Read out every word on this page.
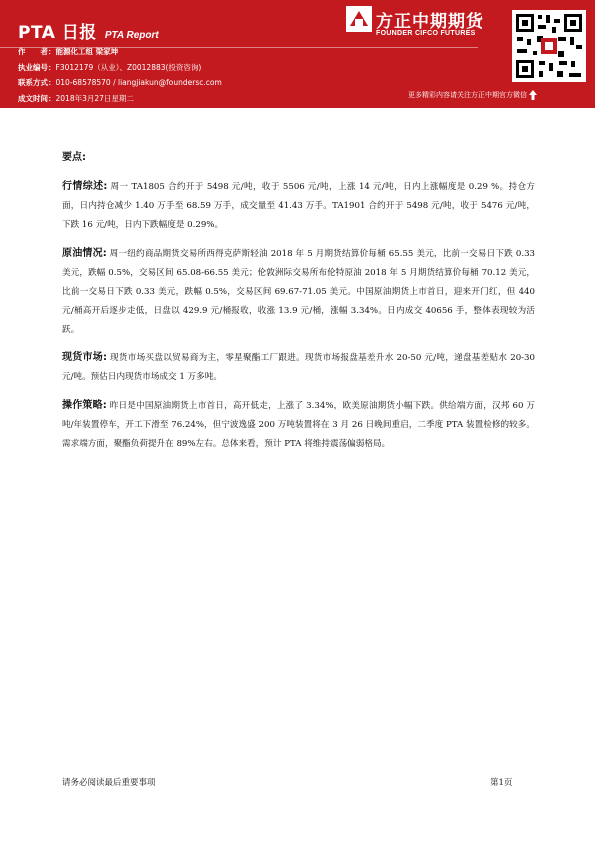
PTA 日报 PTA Report
作　　者：能源化工组 梁家坤
执业编号：F3012179（从业）、Z0012883(投资咨询)
联系方式：010-68578570 / liangjiakun@foundersc.com
成文时间：2018年3月27日星期二
方正中期期货
FOUNDER CIFCO FUTURES
更多精彩内容请关注方正中期官方微信
要点:

行情综述: 周一 TA1805 合约开于 5498 元/吨，收于 5506 元/吨，上涨 14 元/吨，日内上涨幅度是 0.29 %。持仓方面，日内持仓减少 1.40 万手至 68.59 万手，成交量至 41.43 万手。TA1901 合约开于 5498 元/吨，收于 5476 元/吨，下跌 16 元/吨，日内下跌幅度是 0.29%。

原油情况: 周一纽约商品期货交易所西得克萨斯轻油 2018 年 5 月期货结算价每桶 65.55 美元，比前一交易日下跌 0.33 美元，跌幅 0.5%，交易区间 65.08-66.55 美元；伦敦洲际交易所布伦特原油 2018 年 5 月期货结算价每桶 70.12 美元，比前一交易日下跌 0.33 美元，跌幅 0.5%，交易区间 69.67-71.05 美元。中国原油期货上市首日，迎来开门红，但 440 元/桶高开后逐步走低，日盘以 429.9 元/桶报收，收涨 13.9 元/桶，涨幅 3.34%。日内成交 40656 手，整体表现较为活跃。

现货市场: 现货市场买盘以贸易商为主，零星聚酯工厂跟进。现货市场报盘基差升水 20-50 元/吨，递盘基差贴水 20-30 元/吨。预估日内现货市场成交 1 万多吨。

操作策略: 昨日是中国原油期货上市首日，高开低走，上涨了 3.34%，欧美原油期货小幅下跌。供给端方面，汉邦 60 万吨/年装置停车，开工下滑至 76.24%，但宁波逸盛 200 万吨装置将在 3 月 26 日晚间重启，二季度 PTA 装置检修的较多。需求端方面，聚酯负荷提升在 89%左右。总体来看，预计 PTA 将维持震荡偏弱格局。

请务必阅读最后重要事项	第1页
